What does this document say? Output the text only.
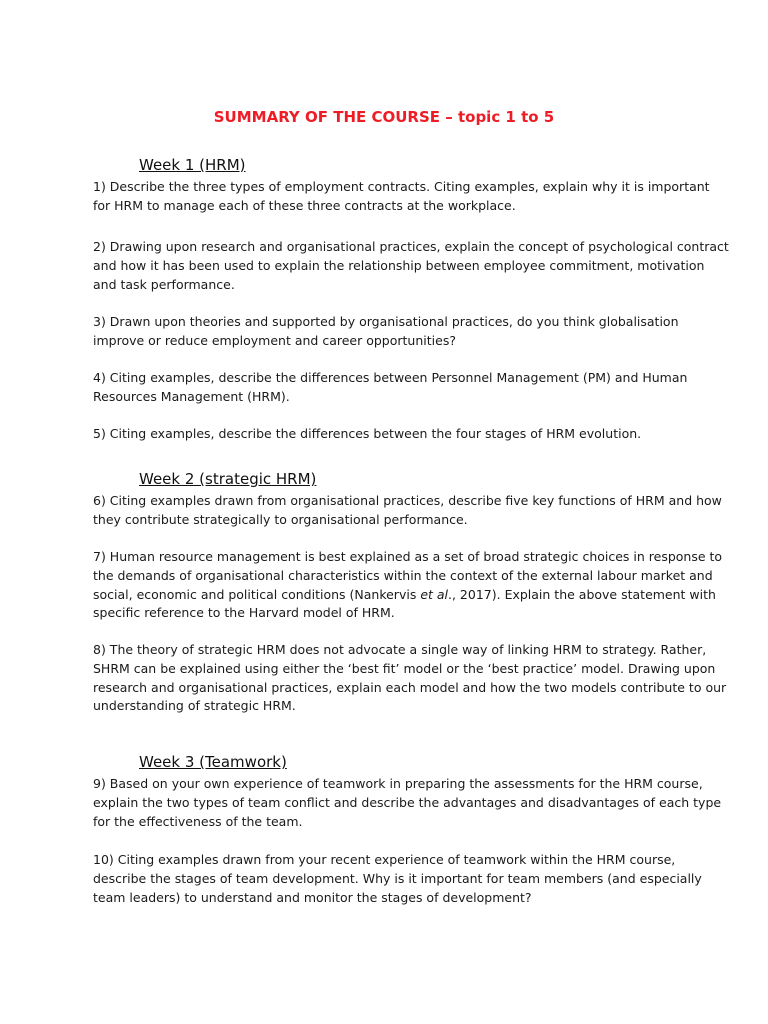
SUMMARY OF THE COURSE – topic 1 to 5
Week 1 (HRM)

1) Describe the three types of employment contracts. Citing examples, explain why it is important
for HRM to manage each of these three contracts at the workplace.

2) Drawing upon research and organisational practices, explain the concept of psychological contract
and how it has been used to explain the relationship between employee commitment, motivation
and task performance.

3) Drawn upon theories and supported by organisational practices, do you think globalisation
improve or reduce employment and career opportunities?

4) Citing examples, describe the differences between Personnel Management (PM) and Human
Resources Management (HRM).

5) Citing examples, describe the differences between the four stages of HRM evolution.

Week 2 (strategic HRM)

6) Citing examples drawn from organisational practices, describe five key functions of HRM and how
they contribute strategically to organisational performance.

7) Human resource management is best explained as a set of broad strategic choices in response to
the demands of organisational characteristics within the context of the external labour market and
social, economic and political conditions (Nankervis et al., 2017). Explain the above statement with
specific reference to the Harvard model of HRM.

8) The theory of strategic HRM does not advocate a single way of linking HRM to strategy. Rather,
SHRM can be explained using either the ‘best fit’ model or the ‘best practice’ model. Drawing upon
research and organisational practices, explain each model and how the two models contribute to our
understanding of strategic HRM.

Week 3 (Teamwork)

9) Based on your own experience of teamwork in preparing the assessments for the HRM course,
explain the two types of team conflict and describe the advantages and disadvantages of each type
for the effectiveness of the team.

10) Citing examples drawn from your recent experience of teamwork within the HRM course,
describe the stages of team development. Why is it important for team members (and especially
team leaders) to understand and monitor the stages of development?
